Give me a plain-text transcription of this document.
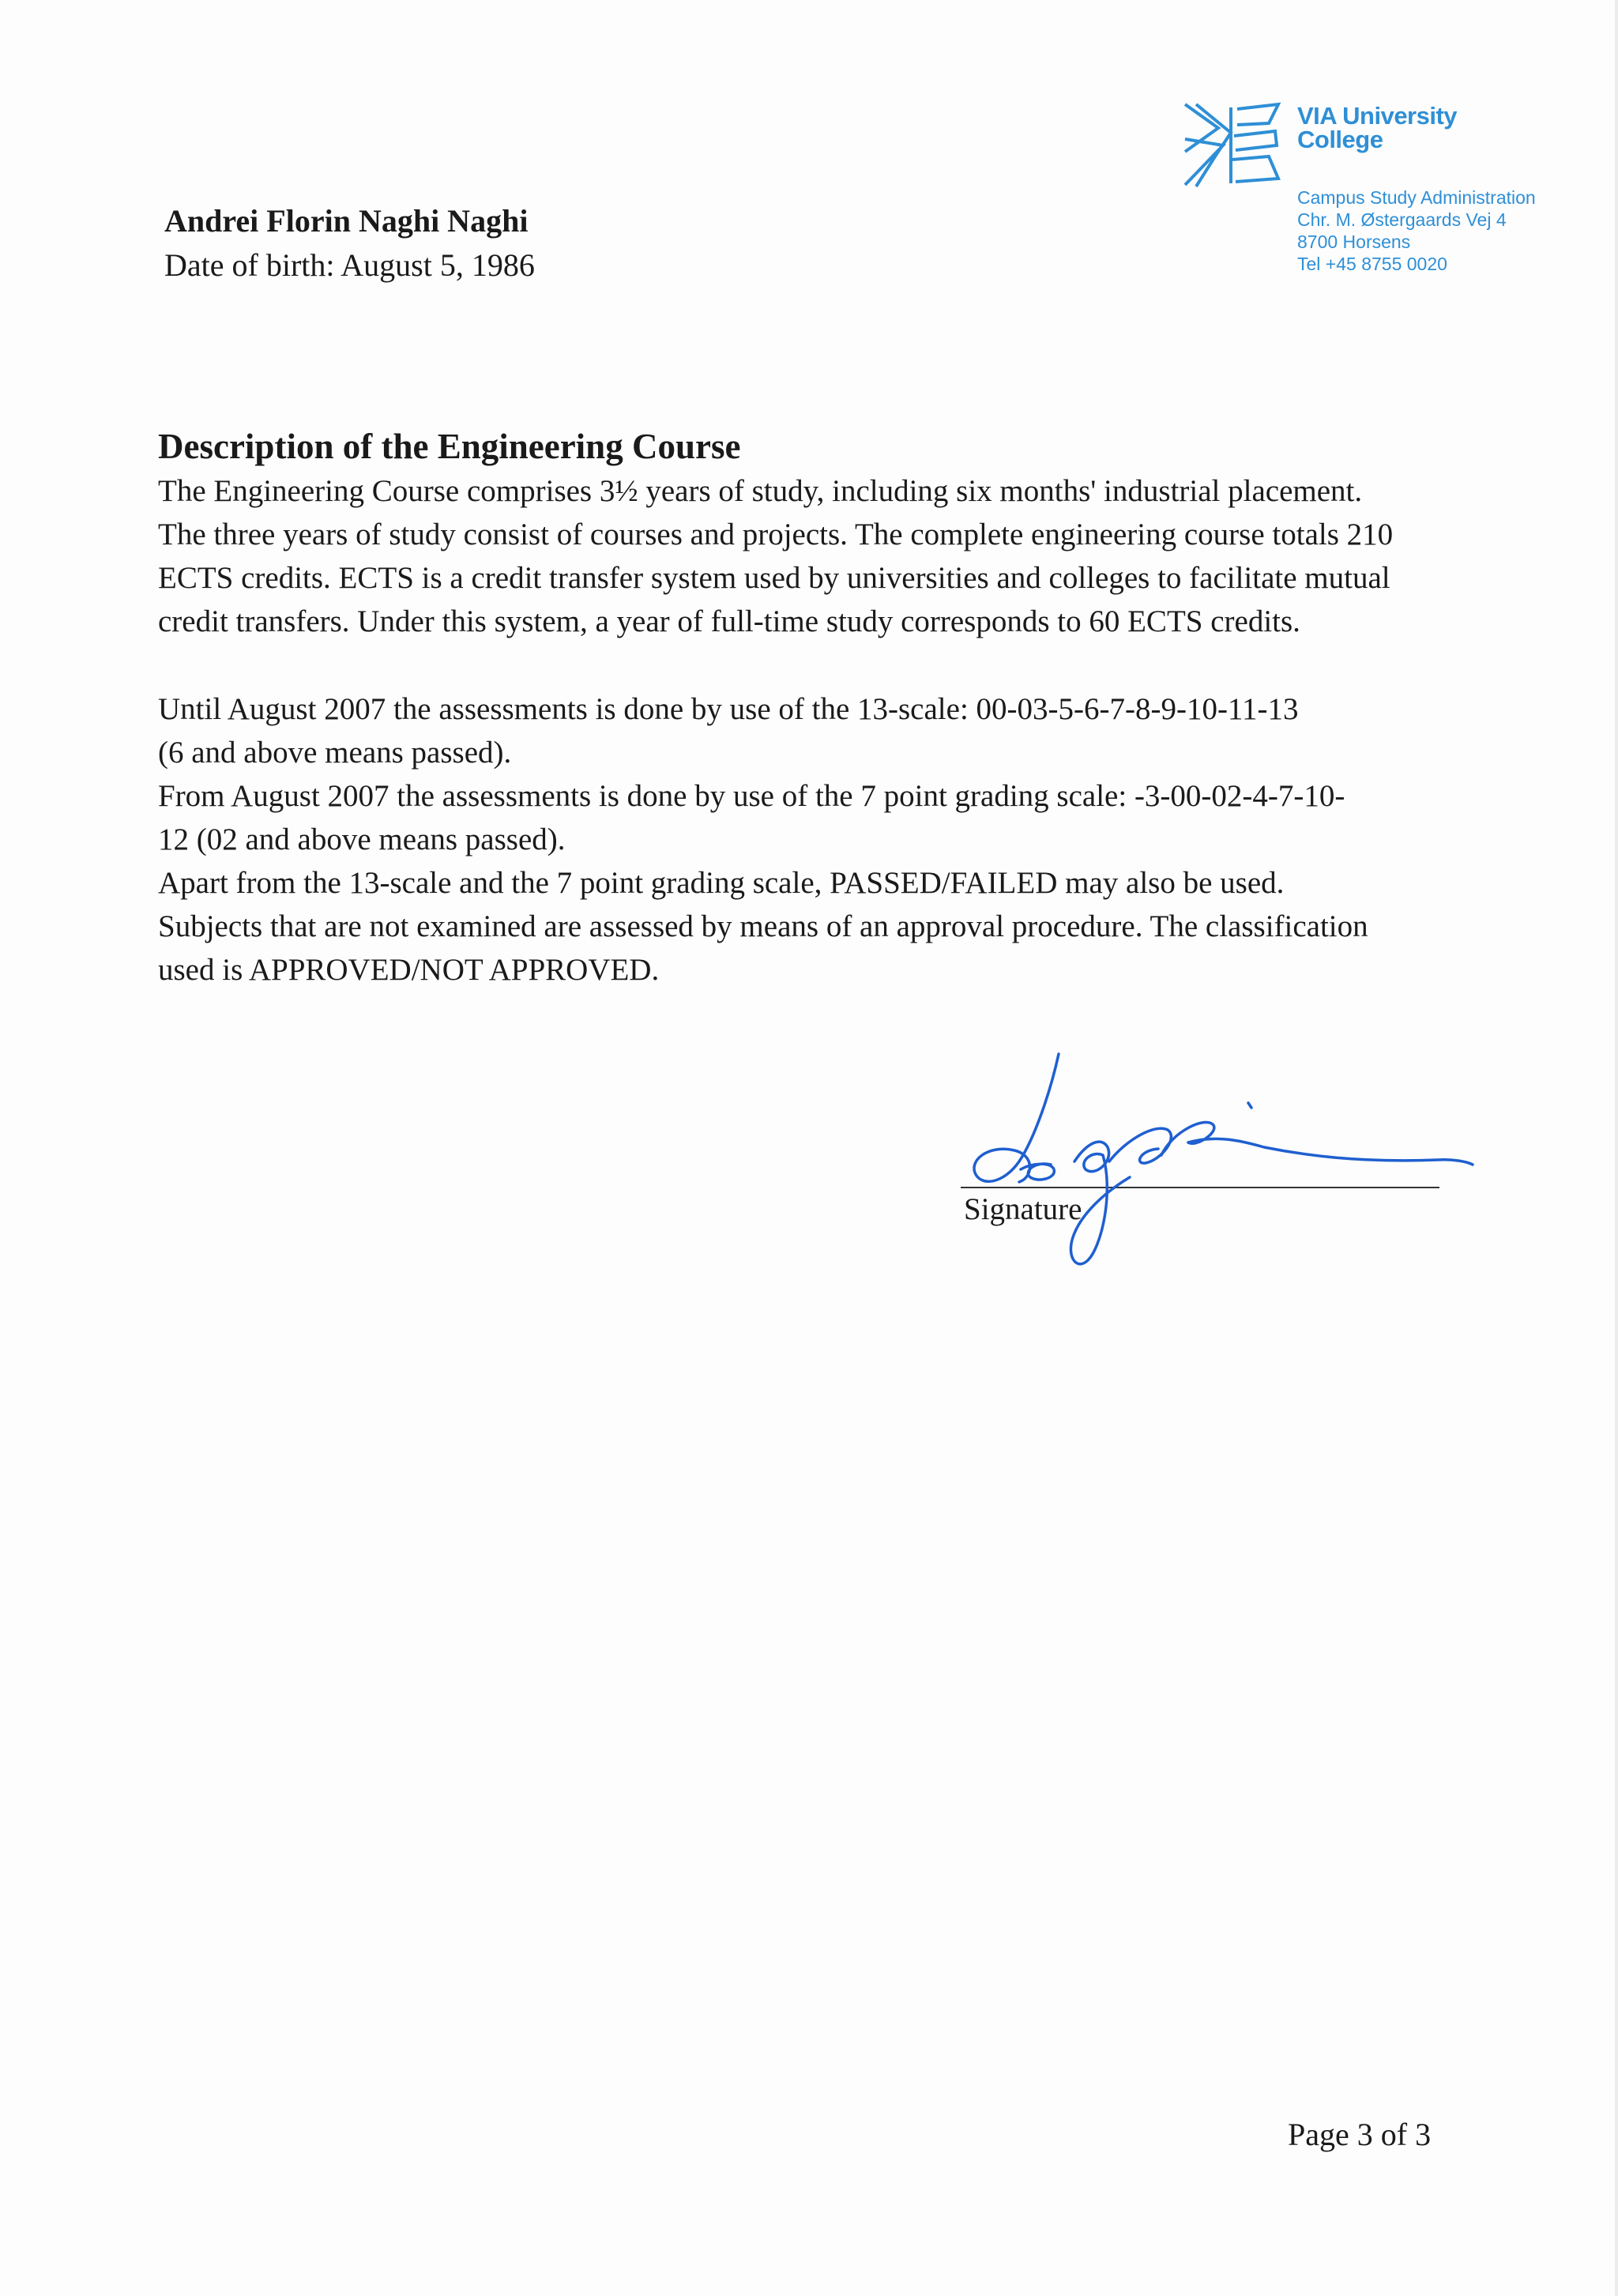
VIA University
College
Campus Study Administration
Chr. M. Østergaards Vej 4
8700 Horsens
Tel +45 8755 0020
Andrei Florin Naghi Naghi
Date of birth: August 5, 1986
Description of the Engineering Course
The Engineering Course comprises 3½ years of study, including six months' industrial placement.
The three years of study consist of courses and projects. The complete engineering course totals 210
ECTS credits. ECTS is a credit transfer system used by universities and colleges to facilitate mutual
credit transfers. Under this system, a year of full-time study corresponds to 60 ECTS credits.
Until August 2007 the assessments is done by use of the 13-scale: 00-03-5-6-7-8-9-10-11-13
(6 and above means passed).
From August 2007 the assessments is done by use of the 7 point grading scale: -3-00-02-4-7-10-
12 (02 and above means passed).
Apart from the 13-scale and the 7 point grading scale, PASSED/FAILED may also be used.
Subjects that are not examined are assessed by means of an approval procedure. The classification
used is APPROVED/NOT APPROVED.
Signature
Page 3 of 3
